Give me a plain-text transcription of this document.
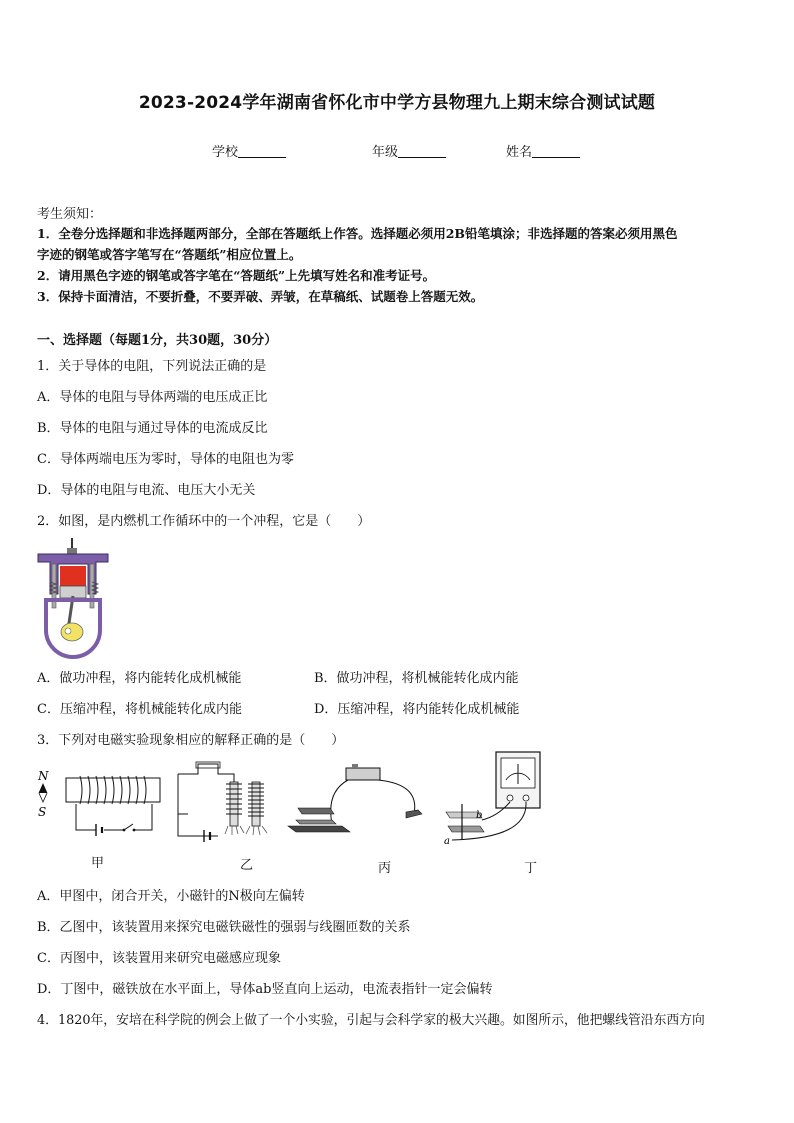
2023-2024学年湖南省怀化市中学方县物理九上期末综合测试试题
学校	年级	姓名
考生须知：
1．全卷分选择题和非选择题两部分，全部在答题纸上作答。选择题必须用2B铅笔填涂；非选择题的答案必须用黑色
字迹的钢笔或答字笔写在“答题纸”相应位置上。
2．请用黑色字迹的钢笔或答字笔在“答题纸”上先填写姓名和准考证号。
3．保持卡面清洁，不要折叠，不要弄破、弄皱，在草稿纸、试题卷上答题无效。
一、选择题（每题1分，共30题，30分）
1．关于导体的电阻，下列说法正确的是
A．导体的电阻与导体两端的电压成正比
B．导体的电阻与通过导体的电流成反比
C．导体两端电压为零时，导体的电阻也为零
D．导体的电阻与电流、电压大小无关
2．如图，是内燃机工作循环中的一个冲程，它是（　　）
A．做功冲程，将内能转化成机械能	B．做功冲程，将机械能转化成内能
C．压缩冲程，将机械能转化成内能	D．压缩冲程，将内能转化成机械能
3．下列对电磁实验现象相应的解释正确的是（　　）
N
S
甲	乙	丙
b
a
丁
A．甲图中，闭合开关，小磁针的N极向左偏转
B．乙图中，该装置用来探究电磁铁磁性的强弱与线圈匝数的关系
C．丙图中，该装置用来研究电磁感应现象
D．丁图中，磁铁放在水平面上，导体ab竖直向上运动，电流表指针一定会偏转
4．1820年，安培在科学院的例会上做了一个小实验，引起与会科学家的极大兴趣。如图所示，他把螺线管沿东西方向
